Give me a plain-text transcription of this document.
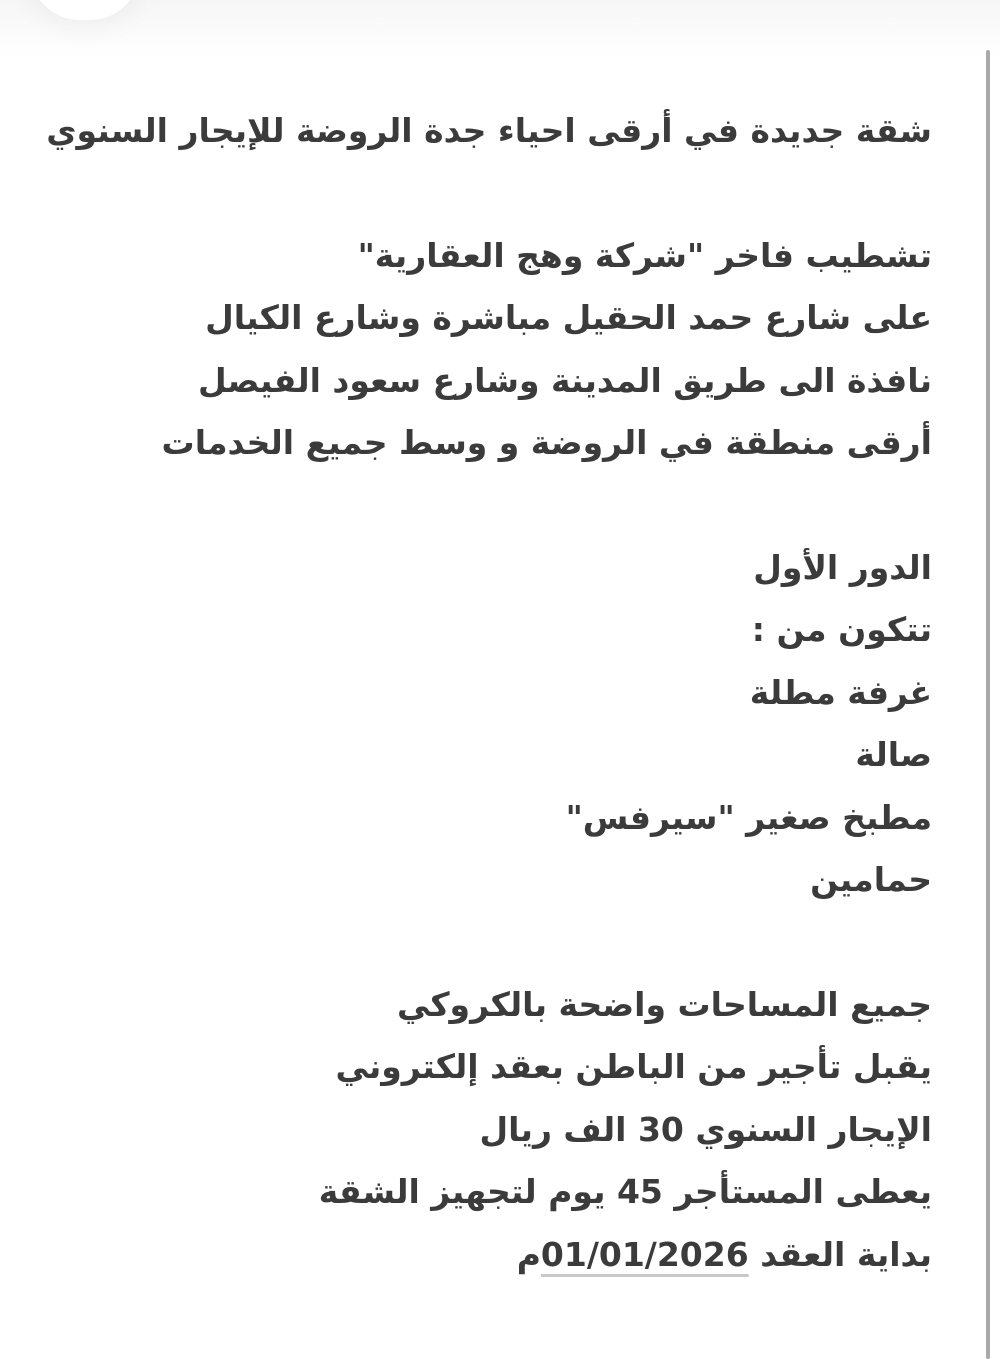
شقة جديدة في أرقى احياء جدة الروضة للإيجار السنوي
تشطيب فاخر "شركة وهج العقارية"
على شارع حمد الحقيل مباشرة وشارع الكيال
نافذة الى طريق المدينة وشارع سعود الفيصل
أرقى منطقة في الروضة و وسط جميع الخدمات
الدور الأول
تتكون من :
غرفة مطلة
صالة
مطبخ صغير "سيرفس"
حمامين
جميع المساحات واضحة بالكروكي
يقبل تأجير من الباطن بعقد إلكتروني
الإيجار السنوي 30 الف ريال
يعطى المستأجر 45 يوم لتجهيز الشقة
بداية العقد 01/01/2026م
